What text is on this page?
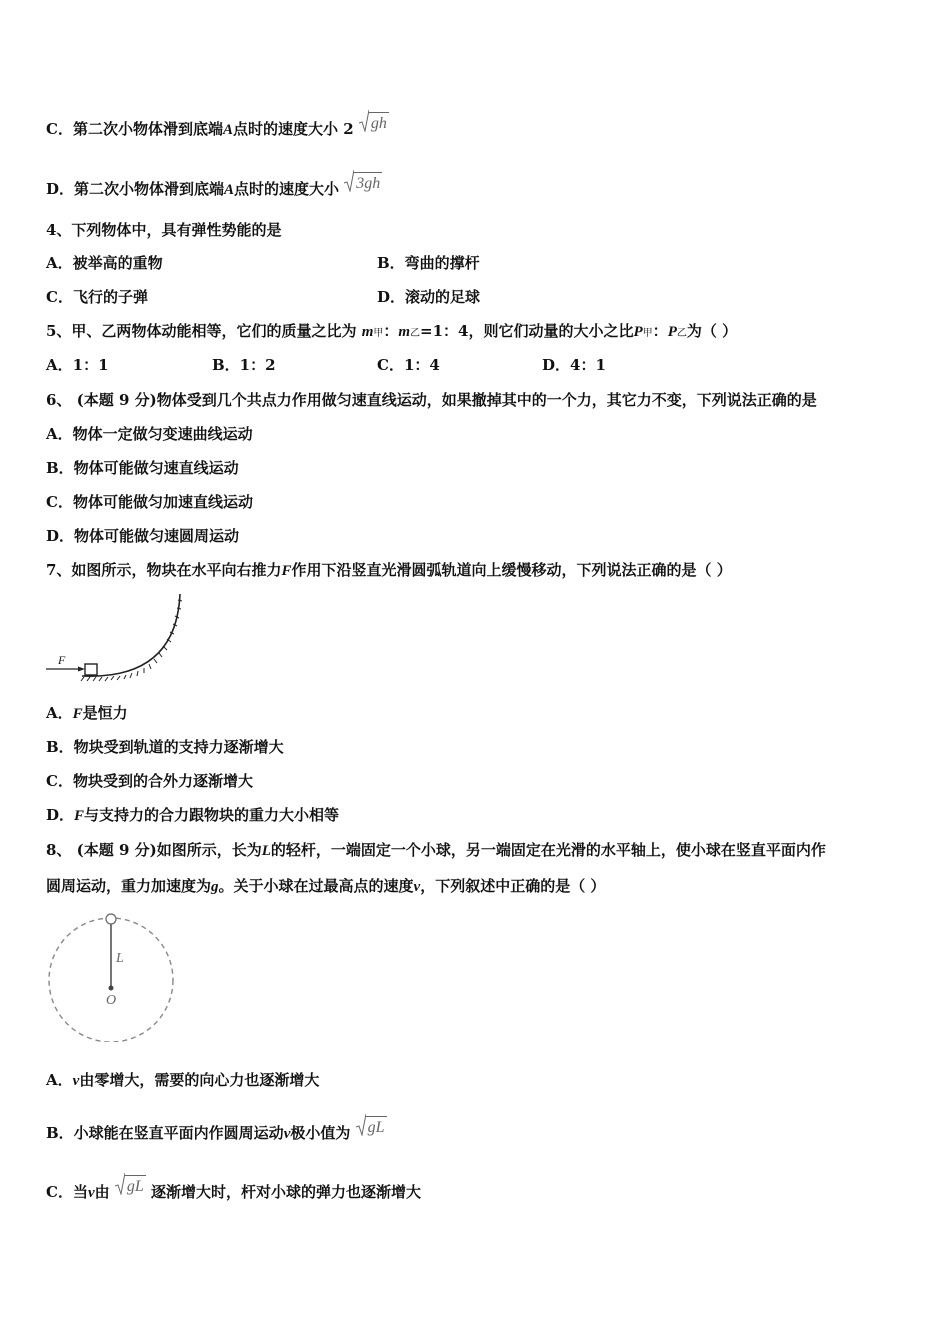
C．第二次小物体滑到底端A点时的速度大小 2 gh
D．第二次小物体滑到底端A点时的速度大小 3gh
4、下列物体中，具有弹性势能的是
A．被举高的重物	B．弯曲的撑杆
C．飞行的子弹	D．滚动的足球
5、甲、乙两物体动能相等，它们的质量之比为 m甲：m乙=1：4，则它们动量的大小之比P甲：P乙为（ ）
A．1：1	B．1：2	C．1：4	D．4：1
6、 (本题 9 分)物体受到几个共点力作用做匀速直线运动，如果撤掉其中的一个力，其它力不变，下列说法正确的是
A．物体一定做匀变速曲线运动
B．物体可能做匀速直线运动
C．物体可能做匀加速直线运动
D．物体可能做匀速圆周运动
7、如图所示，物块在水平向右推力F作用下沿竖直光滑圆弧轨道向上缓慢移动，下列说法正确的是（ ）
F
A．F是恒力
B．物块受到轨道的支持力逐渐增大
C．物块受到的合外力逐渐增大
D．F与支持力的合力跟物块的重力大小相等
8、 (本题 9 分)如图所示，长为L的轻杆，一端固定一个小球，另一端固定在光滑的水平轴上，使小球在竖直平面内作
圆周运动，重力加速度为g。关于小球在过最高点的速度v，下列叙述中正确的是（ ）
L
O
A．v由零增大，需要的向心力也逐渐增大
B．小球能在竖直平面内作圆周运动v极小值为 gL
C．当v由 gL 逐渐增大时，杆对小球的弹力也逐渐增大
